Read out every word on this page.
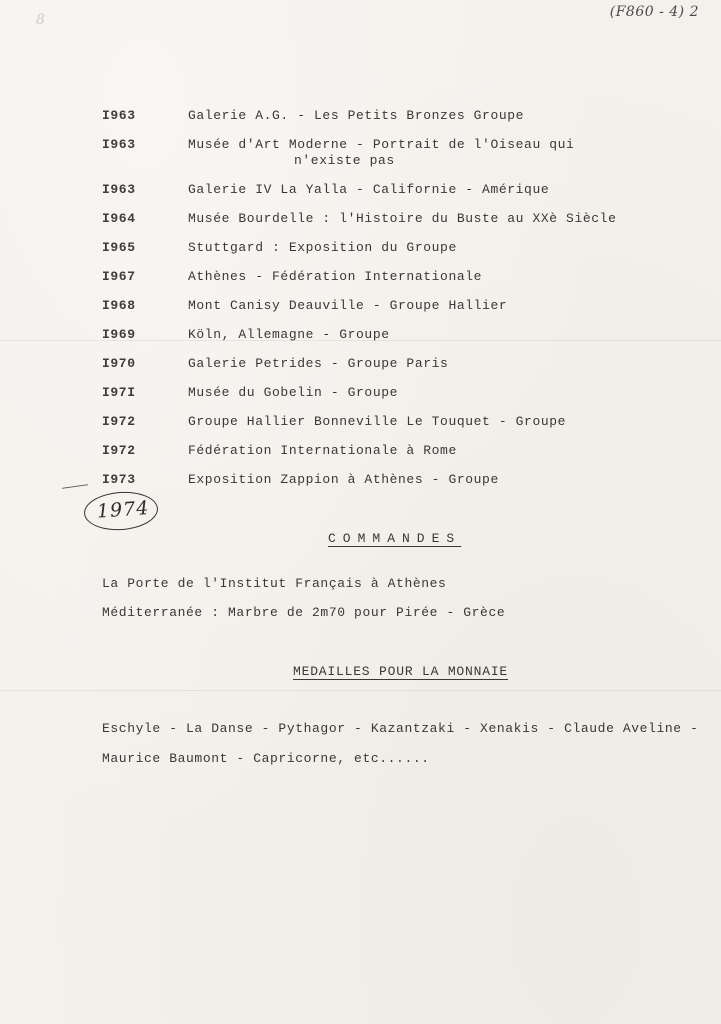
8	(F860 - 4) 2
I963	Galerie A.G. - Les Petits Bronzes Groupe
I963	Musée d'Art Moderne - Portrait de l'Oiseau qui
n'existe pas
I963	Galerie IV La Yalla - Californie - Amérique
I964	Musée Bourdelle : l'Histoire du Buste au XXè Siècle
I965	Stuttgard : Exposition du Groupe
I967	Athènes - Fédération Internationale
I968	Mont Canisy Deauville - Groupe Hallier
I969	Köln, Allemagne - Groupe
I970	Galerie Petrides - Groupe Paris
I97I	Musée du Gobelin - Groupe
I972	Groupe Hallier Bonneville Le Touquet - Groupe
I972	Fédération Internationale à Rome
I973	Exposition Zappion à Athènes - Groupe
1974
COMMANDES
La Porte de l'Institut Français à Athènes
Méditerranée : Marbre de 2m70 pour Pirée - Grèce
MEDAILLES POUR LA MONNAIE
Eschyle - La Danse - Pythagor - Kazantzaki - Xenakis - Claude Aveline -
Maurice Baumont - Capricorne, etc......
